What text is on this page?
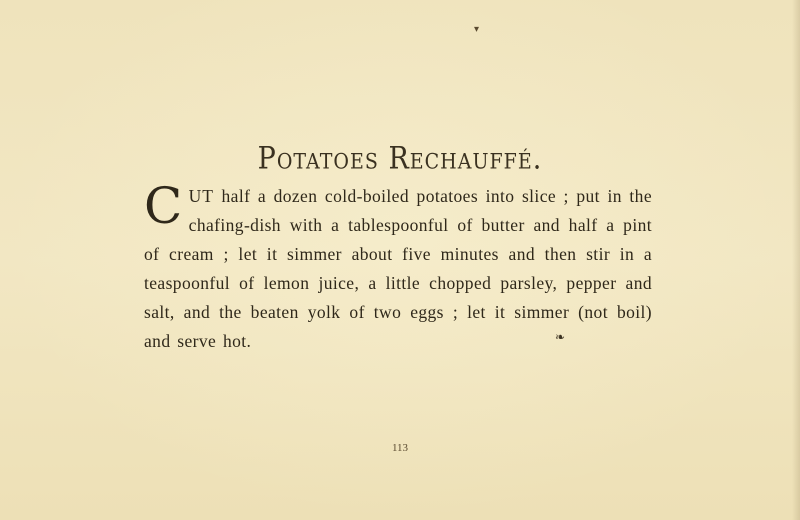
▾
Potatoes Rechauffé.
CUT half a dozen cold-boiled potatoes into slice ; put in the chafing-dish with a tablespoonful of butter and half a pint of cream ; let it simmer about five minutes and then stir in a teaspoonful of lemon juice, a little chopped parsley, pepper and salt, and the beaten yolk of two eggs ; let it simmer (not boil) and serve hot.	❧
113
